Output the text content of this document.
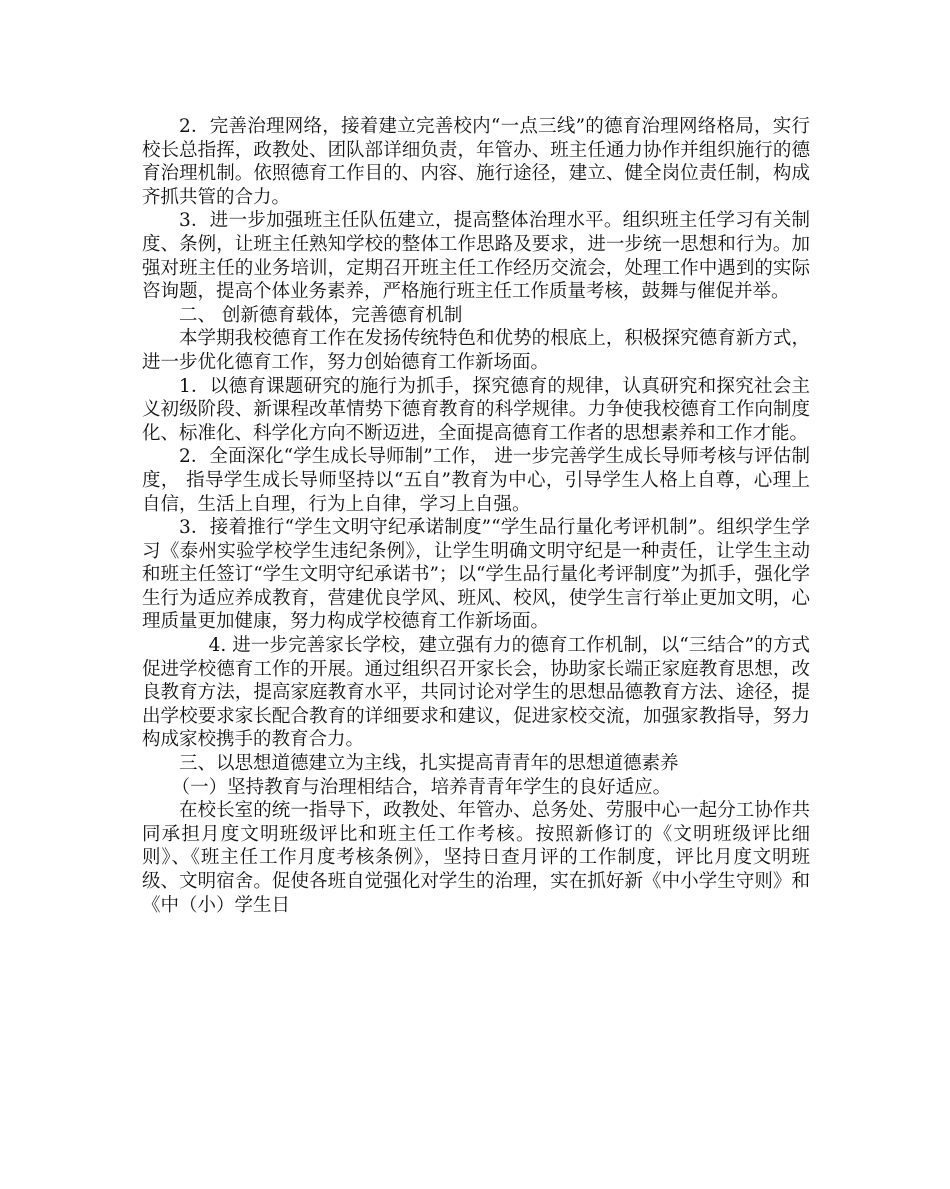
2．完善治理网络，接着建立完善校内“一点三线”的德育治理网络格局，实行校长总指挥，政教处、团队部详细负责，年管办、班主任通力协作并组织施行的德育治理机制。依照德育工作目的、内容、施行途径，建立、健全岗位责任制，构成齐抓共管的合力。

3．进一步加强班主任队伍建立，提高整体治理水平。组织班主任学习有关制度、条例，让班主任熟知学校的整体工作思路及要求，进一步统一思想和行为。加强对班主任的业务培训，定期召开班主任工作经历交流会，处理工作中遇到的实际咨询题，提高个体业务素养，严格施行班主任工作质量考核，鼓舞与催促并举。

二、 创新德育载体，完善德育机制

本学期我校德育工作在发扬传统特色和优势的根底上，积极探究德育新方式，进一步优化德育工作，努力创始德育工作新场面。

1．以德育课题研究的施行为抓手，探究德育的规律，认真研究和探究社会主义初级阶段、新课程改革情势下德育教育的科学规律。力争使我校德育工作向制度化、标准化、科学化方向不断迈进，全面提高德育工作者的思想素养和工作才能。

2．全面深化“学生成长导师制”工作， 进一步完善学生成长导师考核与评估制度， 指导学生成长导师坚持以“五自”教育为中心，引导学生人格上自尊，心理上自信，生活上自理，行为上自律，学习上自强。

3．接着推行“学生文明守纪承诺制度”“学生品行量化考评机制”。组织学生学习《泰州实验学校学生违纪条例》，让学生明确文明守纪是一种责任，让学生主动和班主任签订“学生文明守纪承诺书”；以“学生品行量化考评制度”为抓手，强化学生行为适应养成教育，营建优良学风、班风、校风，使学生言行举止更加文明，心理质量更加健康，努力构成学校德育工作新场面。

4. 进一步完善家长学校，建立强有力的德育工作机制，以“三结合”的方式促进学校德育工作的开展。通过组织召开家长会，协助家长端正家庭教育思想，改良教育方法，提高家庭教育水平，共同讨论对学生的思想品德教育方法、途径，提出学校要求家长配合教育的详细要求和建议，促进家校交流，加强家教指导，努力构成家校携手的教育合力。

三、以思想道德建立为主线，扎实提高青青年的思想道德素养

（一）坚持教育与治理相结合，培养青青年学生的良好适应。

在校长室的统一指导下，政教处、年管办、总务处、劳服中心一起分工协作共同承担月度文明班级评比和班主任工作考核。按照新修订的《文明班级评比细则》、《班主任工作月度考核条例》，坚持日查月评的工作制度，评比月度文明班级、文明宿舍。促使各班自觉强化对学生的治理，实在抓好新《中小学生守则》和《中（小）学生日
